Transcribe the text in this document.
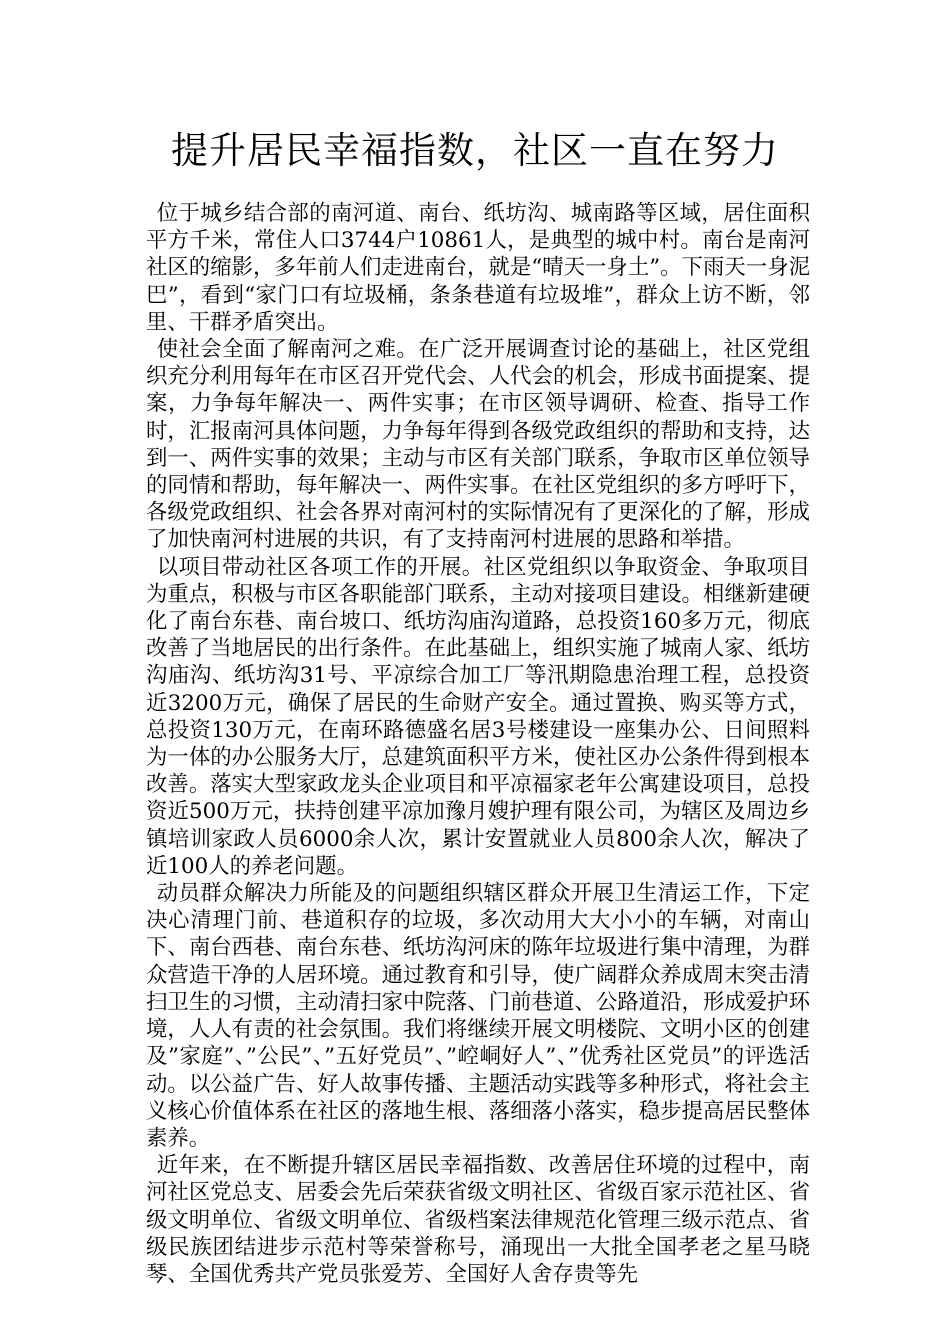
提升居民幸福指数，社区一直在努力

位于城乡结合部的南河道、南台、纸坊沟、城南路等区域，居住面积平方千米，常住人口3744户10861人，是典型的城中村。南台是南河社区的缩影，多年前人们走进南台，就是“晴天一身土”。下雨天一身泥巴”，看到“家门口有垃圾桶，条条巷道有垃圾堆”，群众上访不断，邻里、干群矛盾突出。

使社会全面了解南河之难。在广泛开展调查讨论的基础上，社区党组织充分利用每年在市区召开党代会、人代会的机会，形成书面提案、提案，力争每年解决一、两件实事；在市区领导调研、检查、指导工作时，汇报南河具体问题，力争每年得到各级党政组织的帮助和支持，达到一、两件实事的效果；主动与市区有关部门联系，争取市区单位领导的同情和帮助，每年解决一、两件实事。在社区党组织的多方呼吁下，各级党政组织、社会各界对南河村的实际情况有了更深化的了解，形成了加快南河村进展的共识，有了支持南河村进展的思路和举措。

以项目带动社区各项工作的开展。社区党组织以争取资金、争取项目为重点，积极与市区各职能部门联系，主动对接项目建设。相继新建硬化了南台东巷、南台坡口、纸坊沟庙沟道路，总投资160多万元，彻底改善了当地居民的出行条件。在此基础上，组织实施了城南人家、纸坊沟庙沟、纸坊沟31号、平凉综合加工厂等汛期隐患治理工程，总投资近3200万元，确保了居民的生命财产安全。通过置换、购买等方式，总投资130万元，在南环路德盛名居3号楼建设一座集办公、日间照料为一体的办公服务大厅，总建筑面积平方米，使社区办公条件得到根本改善。落实大型家政龙头企业项目和平凉福家老年公寓建设项目，总投资近500万元，扶持创建平凉加豫月嫂护理有限公司，为辖区及周边乡镇培训家政人员6000余人次，累计安置就业人员800余人次，解决了近100人的养老问题。

动员群众解决力所能及的问题组织辖区群众开展卫生清运工作，下定决心清理门前、巷道积存的垃圾，多次动用大大小小的车辆，对南山下、南台西巷、南台东巷、纸坊沟河床的陈年垃圾进行集中清理，为群众营造干净的人居环境。通过教育和引导，使广阔群众养成周末突击清扫卫生的习惯，主动清扫家中院落、门前巷道、公路道沿，形成爱护环境，人人有责的社会氛围。我们将继续开展文明楼院、文明小区的创建及”家庭”、”公民”、”五好党员”、”崆峒好人”、”优秀社区党员”的评选活动。以公益广告、好人故事传播、主题活动实践等多种形式，将社会主义核心价值体系在社区的落地生根、落细落小落实，稳步提高居民整体素养。

近年来，在不断提升辖区居民幸福指数、改善居住环境的过程中，南河社区党总支、居委会先后荣获省级文明社区、省级百家示范社区、省级文明单位、省级文明单位、省级档案法律规范化管理三级示范点、省级民族团结进步示范村等荣誉称号，涌现出一大批全国孝老之星马晓琴、全国优秀共产党员张爱芳、全国好人舍存贵等先
